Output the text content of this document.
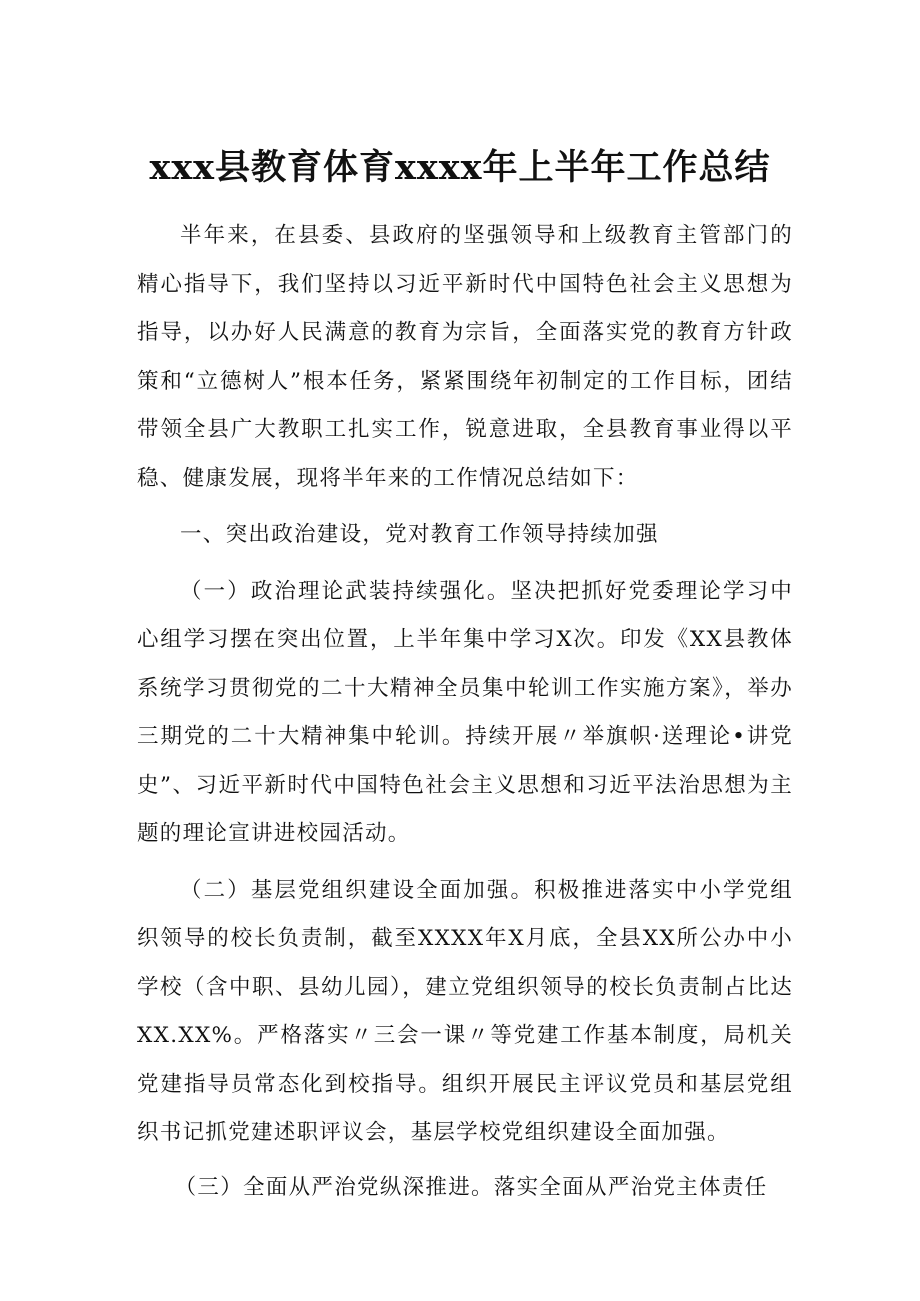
xxx县教育体育xxxx年上半年工作总结

半年来，在县委、县政府的坚强领导和上级教育主管部门的精心指导下，我们坚持以习近平新时代中国特色社会主义思想为指导，以办好人民满意的教育为宗旨，全面落实党的教育方针政策和“立德树人”根本任务，紧紧围绕年初制定的工作目标，团结带领全县广大教职工扎实工作，锐意进取，全县教育事业得以平稳、健康发展，现将半年来的工作情况总结如下：

一、突出政治建设，党对教育工作领导持续加强

（一）政治理论武装持续强化。坚决把抓好党委理论学习中心组学习摆在突出位置，上半年集中学习X次。印发《XX县教体系统学习贯彻党的二十大精神全员集中轮训工作实施方案》，举办三期党的二十大精神集中轮训。持续开展〃举旗帜·送理论•讲党史”、习近平新时代中国特色社会主义思想和习近平法治思想为主题的理论宣讲进校园活动。

（二）基层党组织建设全面加强。积极推进落实中小学党组织领导的校长负责制，截至XXXX年X月底，全县XX所公办中小学校（含中职、县幼儿园），建立党组织领导的校长负责制占比达XX.XX%。严格落实〃三会一课〃等党建工作基本制度，局机关党建指导员常态化到校指导。组织开展民主评议党员和基层党组织书记抓党建述职评议会，基层学校党组织建设全面加强。

（三）全面从严治党纵深推进。落实全面从严治党主体责任
